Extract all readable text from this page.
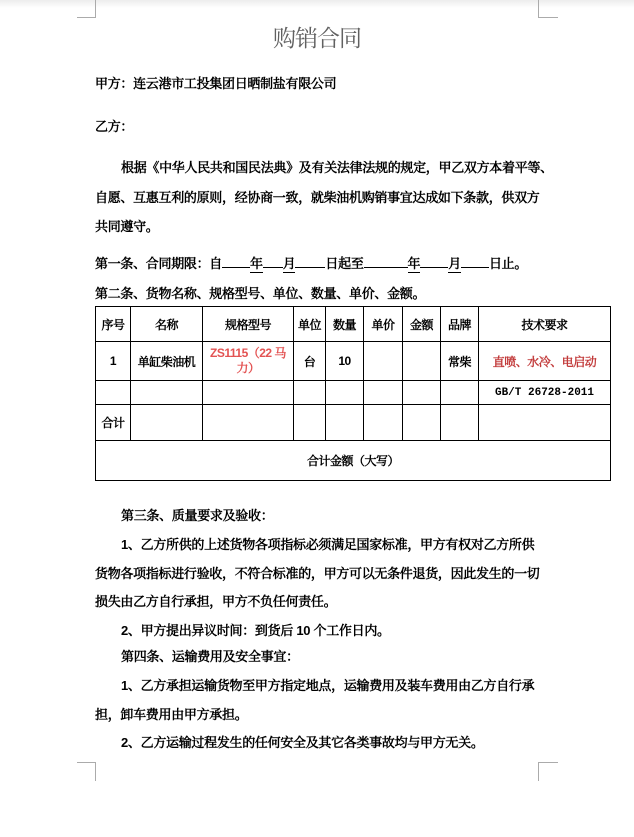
购销合同
甲方：连云港市工投集团日晒制盐有限公司
乙方：
根据《中华人民共和国民法典》及有关法律法规的规定，甲乙双方本着平等、
自愿、互惠互利的原则，经协商一致，就柴油机购销事宜达成如下条款，供双方
共同遵守。
第一条、合同期限：自 年 月 日起至	年 月 日止。
第二条、货物名称、规格型号、单位、数量、单价、金额。
序号	名称	规格型号	单位	数量	单价	金额	品牌	技术要求
1	单缸柴油机	ZS1115（22 马力）	台	10			常柴	直喷、水冷、电启动
								GB/T 26728-2011
合计								
合计金额（大写）								
第三条、质量要求及验收：
1、乙方所供的上述货物各项指标必须满足国家标准，甲方有权对乙方所供
货物各项指标进行验收，不符合标准的，甲方可以无条件退货，因此发生的一切
损失由乙方自行承担，甲方不负任何责任。
2、甲方提出异议时间：到货后 10 个工作日内。
第四条、运输费用及安全事宜：
1、乙方承担运输货物至甲方指定地点，运输费用及装车费用由乙方自行承
担，卸车费用由甲方承担。
2、乙方运输过程发生的任何安全及其它各类事故均与甲方无关。
